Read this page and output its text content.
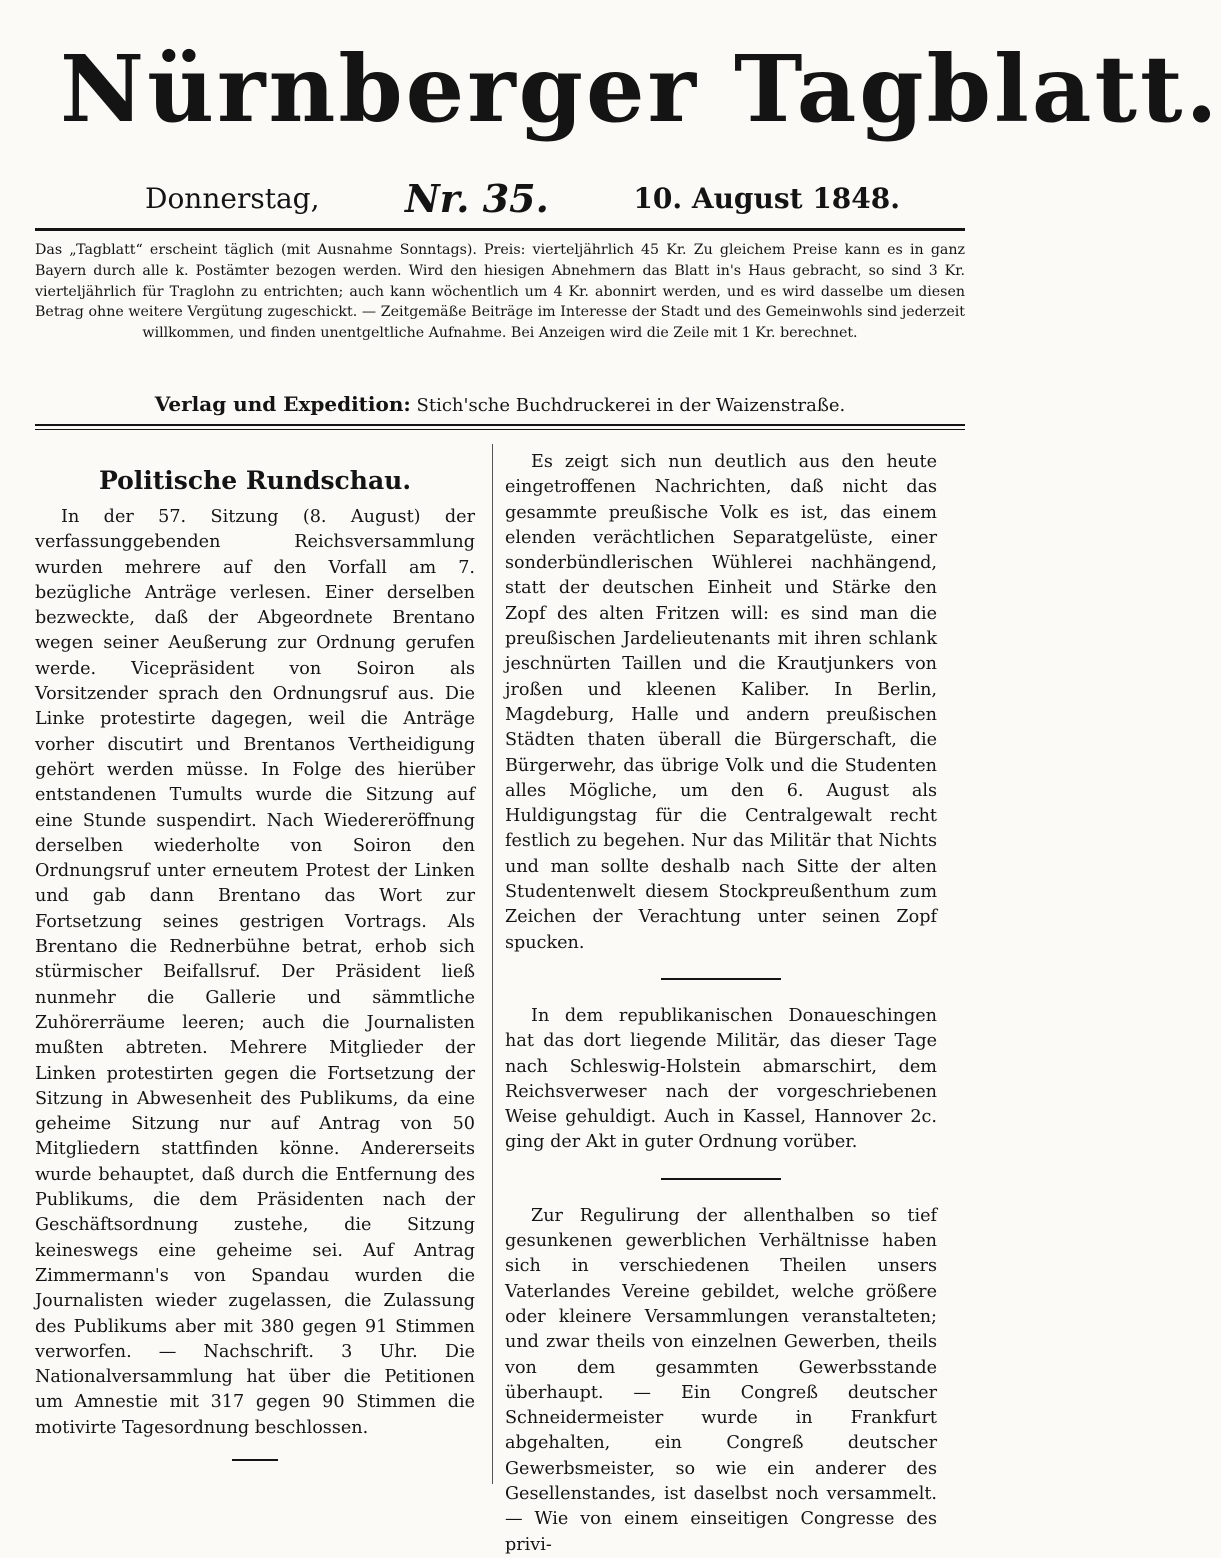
Nürnberger Tagblatt.
Donnerstag, Nr. 35.	10. August 1848.
Das „Tagblatt“ erscheint täglich (mit Ausnahme Sonntags). Preis: vierteljährlich 45 Kr. Zu gleichem Preise kann es in ganz Bayern durch alle k. Postämter bezogen werden. Wird den hiesigen Abnehmern das Blatt in's Haus gebracht, so sind 3 Kr. vierteljährlich für Traglohn zu entrichten; auch kann wöchentlich um 4 Kr. abonnirt werden, und es wird dasselbe um diesen Betrag ohne weitere Vergütung zugeschickt. — Zeitgemäße Beiträge im Interesse der Stadt und des Gemeinwohls sind jederzeit willkommen, und finden unentgeltliche Aufnahme. Bei Anzeigen wird die Zeile mit 1 Kr. berechnet.
Verlag und Expedition: Stich'sche Buchdruckerei in der Waizenstraße.
Politische Rundschau.

In der 57. Sitzung (8. August) der verfassunggebenden Reichsversammlung wurden mehrere auf den Vorfall am 7. bezügliche Anträge verlesen. Einer derselben bezweckte, daß der Abgeordnete Brentano wegen seiner Aeußerung zur Ordnung gerufen werde. Vicepräsident von Soiron als Vorsitzender sprach den Ordnungsruf aus. Die Linke protestirte dagegen, weil die Anträge vorher discutirt und Brentanos Vertheidigung gehört werden müsse. In Folge des hierüber entstandenen Tumults wurde die Sitzung auf eine Stunde suspendirt. Nach Wiedereröffnung derselben wiederholte von Soiron den Ordnungsruf unter erneutem Protest der Linken und gab dann Brentano das Wort zur Fortsetzung seines gestrigen Vortrags. Als Brentano die Rednerbühne betrat, erhob sich stürmischer Beifallsruf. Der Präsident ließ nunmehr die Gallerie und sämmtliche Zuhörerräume leeren; auch die Journalisten mußten abtreten. Mehrere Mitglieder der Linken protestirten gegen die Fortsetzung der Sitzung in Abwesenheit des Publikums, da eine geheime Sitzung nur auf Antrag von 50 Mitgliedern stattfinden könne. Andererseits wurde behauptet, daß durch die Entfernung des Publikums, die dem Präsidenten nach der Geschäftsordnung zustehe, die Sitzung keineswegs eine geheime sei. Auf Antrag Zimmermann's von Spandau wurden die Journalisten wieder zugelassen, die Zulassung des Publikums aber mit 380 gegen 91 Stimmen verworfen. — Nachschrift. 3 Uhr. Die Nationalversammlung hat über die Petitionen um Amnestie mit 317 gegen 90 Stimmen die motivirte Tagesordnung beschlossen.

Es zeigt sich nun deutlich aus den heute eingetroffenen Nachrichten, daß nicht das gesammte preußische Volk es ist, das einem elenden verächtlichen Separatgelüste, einer sonderbündlerischen Wühlerei nachhängend, statt der deutschen Einheit und Stärke den Zopf des alten Fritzen will: es sind man die preußischen Jardelieutenants mit ihren schlank jeschnürten Taillen und die Krautjunkers von jroßen und kleenen Kaliber. In Berlin, Magdeburg, Halle und andern preußischen Städten thaten überall die Bürgerschaft, die Bürgerwehr, das übrige Volk und die Studenten alles Mögliche, um den 6. August als Huldigungstag für die Centralgewalt recht festlich zu begehen. Nur das Militär that Nichts und man sollte deshalb nach Sitte der alten Studentenwelt diesem Stockpreußenthum zum Zeichen der Verachtung unter seinen Zopf spucken.

In dem republikanischen Donaueschingen hat das dort liegende Militär, das dieser Tage nach Schleswig-Holstein abmarschirt, dem Reichsverweser nach der vorgeschriebenen Weise gehuldigt. Auch in Kassel, Hannover 2c. ging der Akt in guter Ordnung vorüber.

Zur Regulirung der allenthalben so tief gesunkenen gewerblichen Verhältnisse haben sich in verschiedenen Theilen unsers Vaterlandes Vereine gebildet, welche größere oder kleinere Versammlungen veranstalteten; und zwar theils von einzelnen Gewerben, theils von dem gesammten Gewerbsstande überhaupt. — Ein Congreß deutscher Schneidermeister wurde in Frankfurt abgehalten, ein Congreß deutscher Gewerbsmeister, so wie ein anderer des Gesellenstandes, ist daselbst noch versammelt. — Wie von einem einseitigen Congresse des privi-
